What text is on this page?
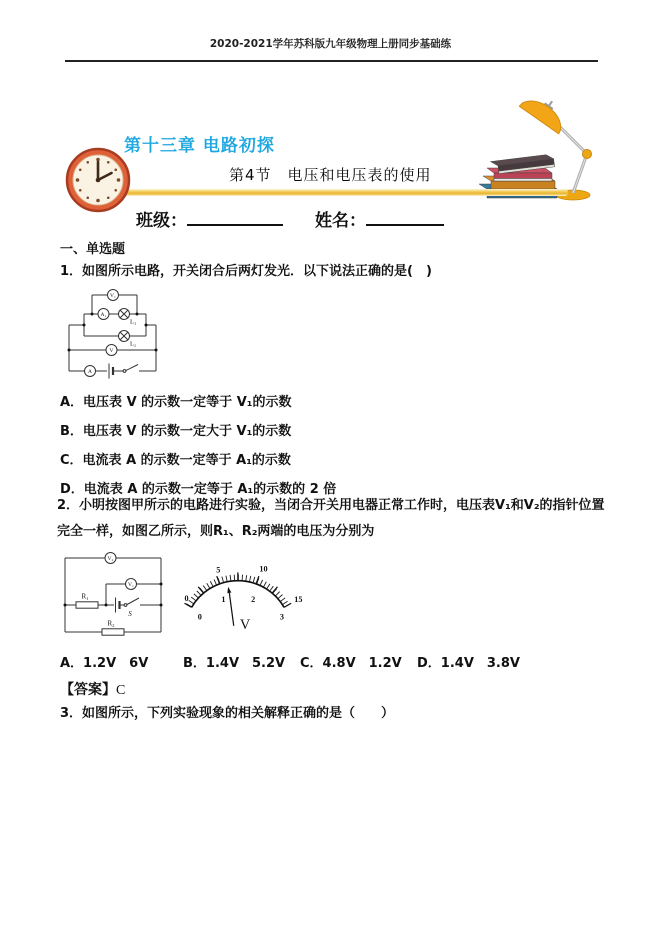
2020-2021学年苏科版九年级物理上册同步基础练
第十三章 电路初探
第4节　电压和电压表的使用
班级：	姓名：
一、单选题
1．如图所示电路，开关闭合后两灯发光．以下说法正确的是(　)
V₁
A₁
V
A
L₁
L₂
A．电压表 V 的示数一定等于 V₁的示数
B．电压表 V 的示数一定大于 V₁的示数
C．电流表 A 的示数一定等于 A₁的示数
D．电流表 A 的示数一定等于 A₁的示数的 2 倍
2．小明按图甲所示的电路进行实验，当闭合开关用电器正常工作时，电压表V₁和V₂的指针位置完全一样，如图乙所示，则R₁、R₂两端的电压为分别为
V₂
V₁
R₁
R₂
S
0
5	10
15
0
1	2
3
V
A．1.2V　6V	B．1.4V　5.2V	C．4.8V　1.2V	D．1.4V　3.8V
【答案】C
3．如图所示，下列实验现象的相关解释正确的是（　　）
